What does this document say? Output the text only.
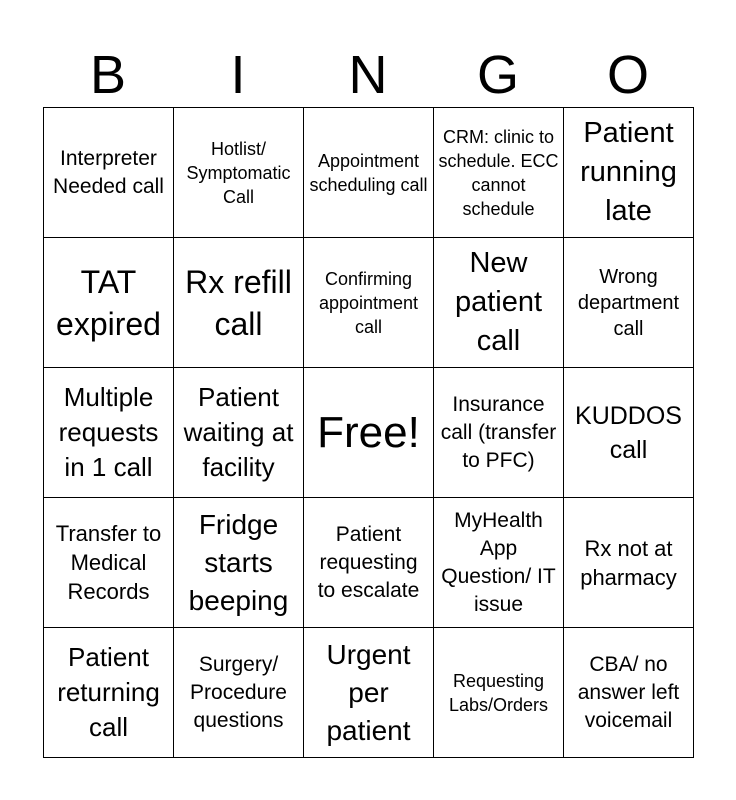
B	I	N	G	O
Interpreter Needed call	Hotlist/ Symptomatic Call	Appointment scheduling call	CRM: clinic to schedule. ECC cannot schedule	Patient running late

TAT expired	Rx refill call	Confirming appointment call	New patient call	Wrong department call

Multiple requests in 1 call	Patient waiting at facility	Free!	Insurance call (transfer to PFC)	KUDDOS call

Transfer to Medical Records	Fridge starts beeping	Patient requesting to escalate	MyHealth App Question/ IT issue	Rx not at pharmacy

Patient returning call	Surgery/ Procedure questions	Urgent per patient	Requesting Labs/Orders	CBA/ no answer left voicemail
